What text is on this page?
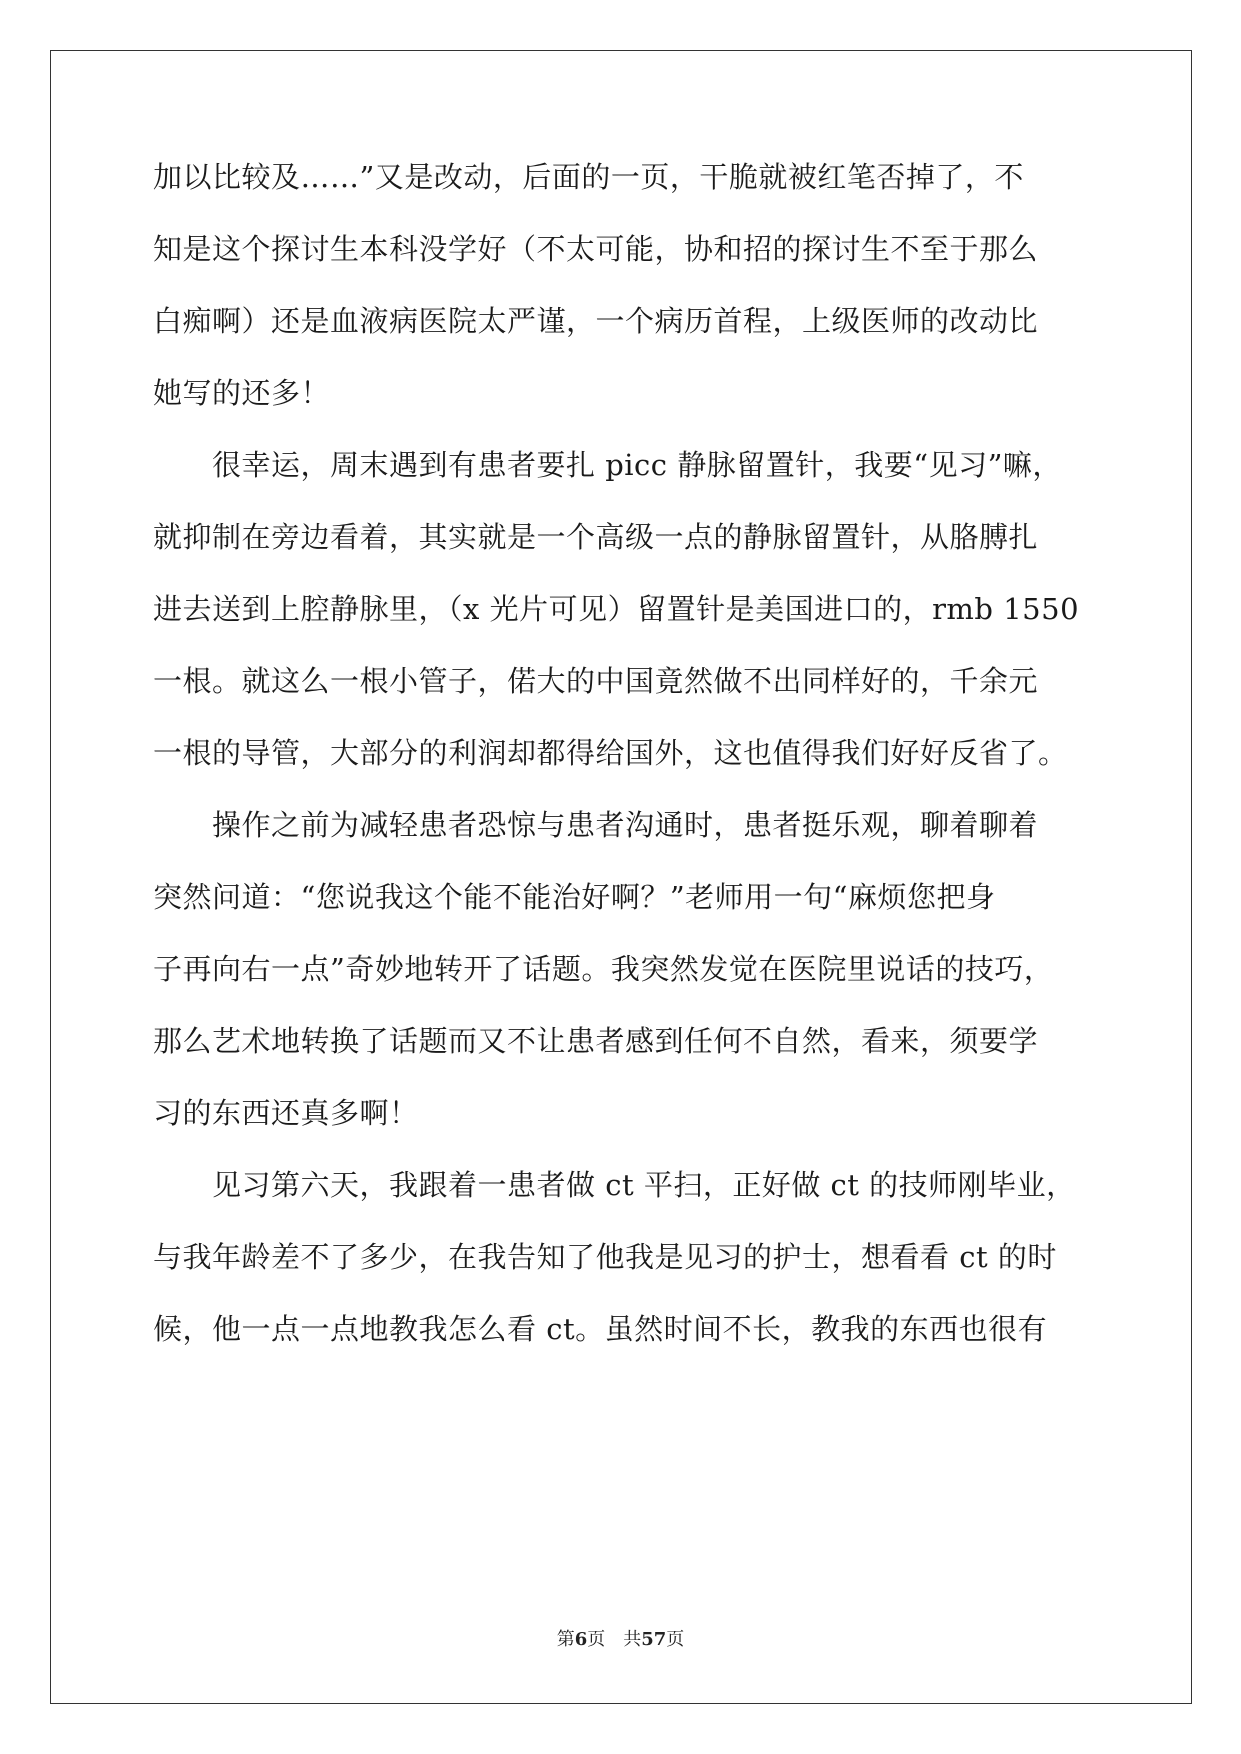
加以比较及……”又是改动，后面的一页，干脆就被红笔否掉了，不
知是这个探讨生本科没学好（不太可能，协和招的探讨生不至于那么
白痴啊）还是血液病医院太严谨，一个病历首程，上级医师的改动比
她写的还多！
　　很幸运，周末遇到有患者要扎 picc 静脉留置针，我要“见习”嘛，
就抑制在旁边看着，其实就是一个高级一点的静脉留置针，从胳膊扎
进去送到上腔静脉里，（x 光片可见）留置针是美国进口的，rmb 1550
一根。就这么一根小管子，偌大的中国竟然做不出同样好的，千余元
一根的导管，大部分的利润却都得给国外，这也值得我们好好反省了。
　　操作之前为减轻患者恐惊与患者沟通时，患者挺乐观，聊着聊着
突然问道：“您说我这个能不能治好啊？”老师用一句“麻烦您把身
子再向右一点”奇妙地转开了话题。我突然发觉在医院里说话的技巧，
那么艺术地转换了话题而又不让患者感到任何不自然，看来，须要学
习的东西还真多啊！
　　见习第六天，我跟着一患者做 ct 平扫，正好做 ct 的技师刚毕业，
与我年龄差不了多少，在我告知了他我是见习的护士，想看看 ct 的时
候，他一点一点地教我怎么看 ct。虽然时间不长，教我的东西也很有
第6页　共57页
